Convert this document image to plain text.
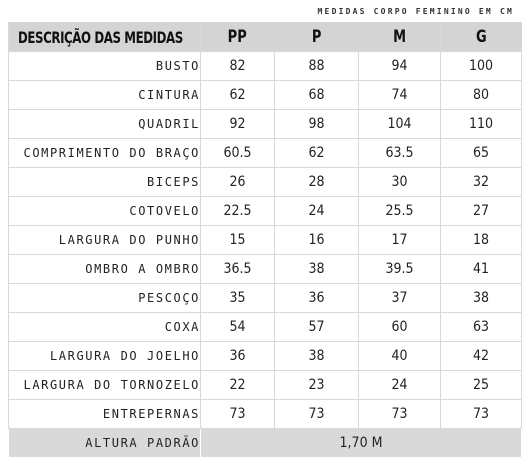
MEDIDAS CORPO FEMININO EM CM
DESCRIÇÃO DAS MEDIDAS	PP	P	M	G
BUSTO	82	88	94	100
CINTURA	62	68	74	80
QUADRIL	92	98	104	110
COMPRIMENTO DO BRAÇO	60.5	62	63.5	65
BICEPS	26	28	30	32
COTOVELO	22.5	24	25.5	27
LARGURA DO PUNHO	15	16	17	18
OMBRO A OMBRO	36.5	38	39.5	41
PESCOÇO	35	36	37	38
COXA	54	57	60	63
LARGURA DO JOELHO	36	38	40	42
LARGURA DO TORNOZELO	22	23	24	25
ENTREPERNAS	73	73	73	73
ALTURA PADRÃO	1,70 M			
